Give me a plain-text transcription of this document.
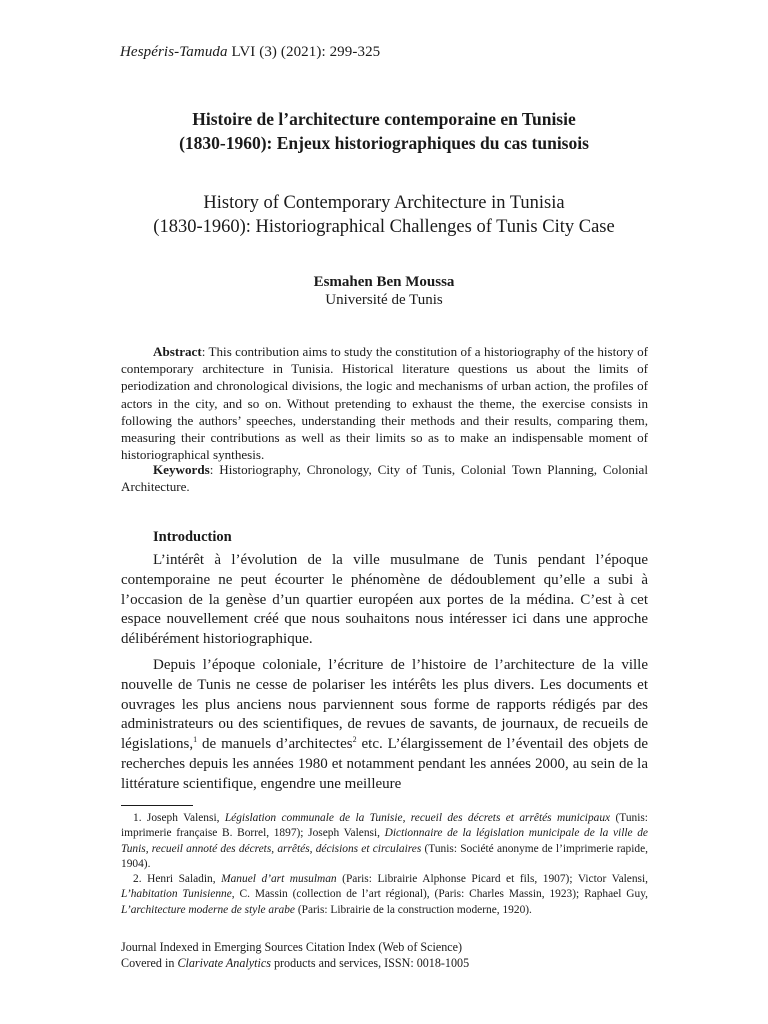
Hespéris-Tamuda LVI (3) (2021): 299-325
Histoire de l’architecture contemporaine en Tunisie
(1830-1960): Enjeux historiographiques du cas tunisois
History of Contemporary Architecture in Tunisia
(1830-1960): Historiographical Challenges of Tunis City Case
Esmahen Ben Moussa
Université de Tunis
Abstract: This contribution aims to study the constitution of a historiography of the history of contemporary architecture in Tunisia. Historical literature questions us about the limits of periodization and chronological divisions, the logic and mechanisms of urban action, the profiles of actors in the city, and so on. Without pretending to exhaust the theme, the exercise consists in following the authors’ speeches, understanding their methods and their results, comparing them, measuring their contributions as well as their limits so as to make an indispensable moment of historiographical synthesis.
Keywords: Historiography, Chronology, City of Tunis, Colonial Town Planning, Colonial Architecture.
Introduction
L’intérêt à l’évolution de la ville musulmane de Tunis pendant l’époque contemporaine ne peut écourter le phénomène de dédoublement qu’elle a subi à l’occasion de la genèse d’un quartier européen aux portes de la médina. C’est à cet espace nouvellement créé que nous souhaitons nous intéresser ici dans une approche délibérément historiographique.
Depuis l’époque coloniale, l’écriture de l’histoire de l’architecture de la ville nouvelle de Tunis ne cesse de polariser les intérêts les plus divers. Les documents et ouvrages les plus anciens nous parviennent sous forme de rapports rédigés par des administrateurs ou des scientifiques, de revues de savants, de journaux, de recueils de législations,$^1$ de manuels d’architectes$^2$ etc. L’élargissement de l’éventail des objets de recherches depuis les années 1980 et notamment pendant les années 2000, au sein de la littérature scientifique, engendre une meilleure

1. Joseph Valensi, Législation communale de la Tunisie, recueil des décrets et arrêtés municipaux (Tunis: imprimerie française B. Borrel, 1897); Joseph Valensi, Dictionnaire de la législation municipale de la ville de Tunis, recueil annoté des décrets, arrêtés, décisions et circulaires (Tunis: Société anonyme de l’imprimerie rapide, 1904).

2. Henri Saladin, Manuel d’art musulman (Paris: Librairie Alphonse Picard et fils, 1907); Victor Valensi, L’habitation Tunisienne, C. Massin (collection de l’art régional), (Paris: Charles Massin, 1923); Raphael Guy, L’architecture moderne de style arabe (Paris: Librairie de la construction moderne, 1920).

Journal Indexed in Emerging Sources Citation Index (Web of Science)
Covered in Clarivate Analytics products and services, ISSN: 0018-1005
